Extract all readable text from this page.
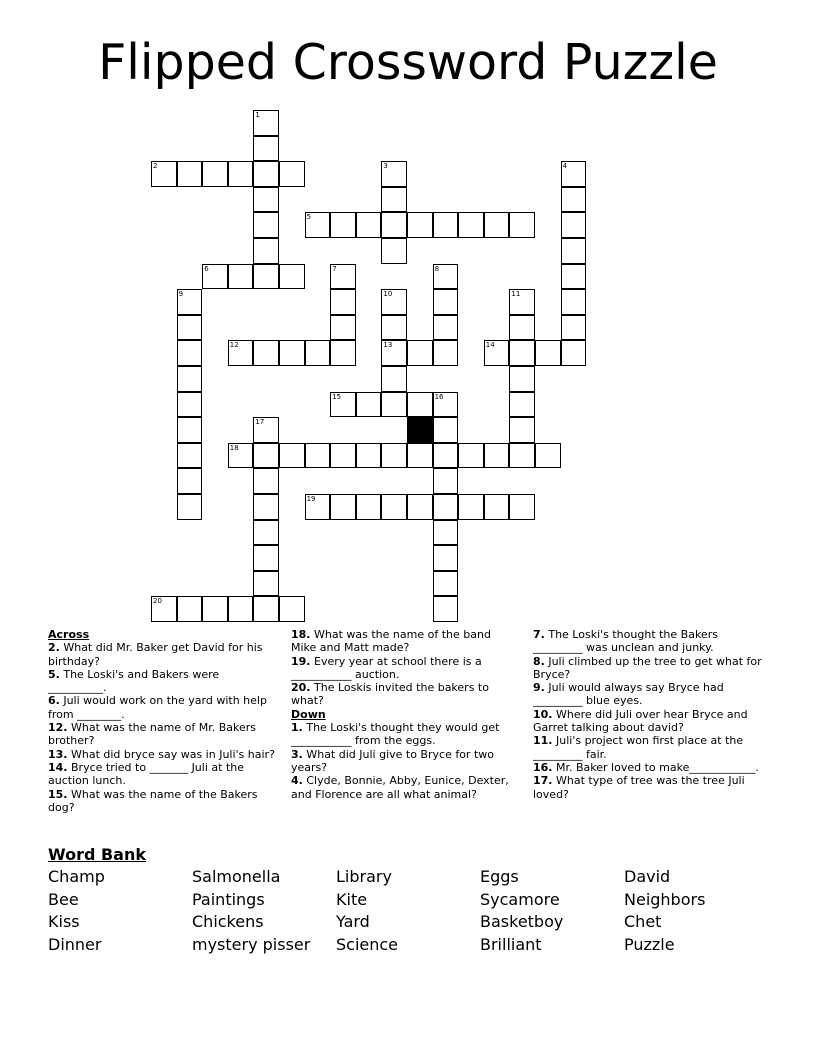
Flipped Crossword Puzzle
1
2	3	4
5
6	7	8
9	10
13
11
12	14
15	16
17
18
19
20
Across
2. What did Mr. Baker get David for his birthday?
5. The Loski's and Bakers were __________.
6. Juli would work on the yard with help from ________.
12. What was the name of Mr. Bakers brother?
13. What did bryce say was in Juli's hair?
14. Bryce tried to _______ Juli at the auction lunch.
15. What was the name of the Bakers dog?
18. What was the name of the band Mike and Matt made?
19. Every year at school there is a ___________ auction.
20. The Loskis invited the bakers to what?
Down
1. The Loski's thought they would get ___________ from the eggs.
3. What did Juli give to Bryce for two years?
4. Clyde, Bonnie, Abby, Eunice, Dexter, and Florence are all what animal?
7. The Loski's thought the Bakers _________ was unclean and junky.
8. Juli climbed up the tree to get what for Bryce?
9. Juli would always say Bryce had _________ blue eyes.
10. Where did Juli over hear Bryce and Garret talking about david?
11. Juli's project won first place at the _________ fair.
16. Mr. Baker loved to make____________.
17. What type of tree was the tree Juli loved?
Word Bank
Champ	Salmonella	Library	Eggs	David
Bee	Paintings	Kite	Sycamore	Neighbors
Kiss	Chickens	Yard	Basketboy	Chet
Dinner	mystery pisser	Science	Brilliant	Puzzle
